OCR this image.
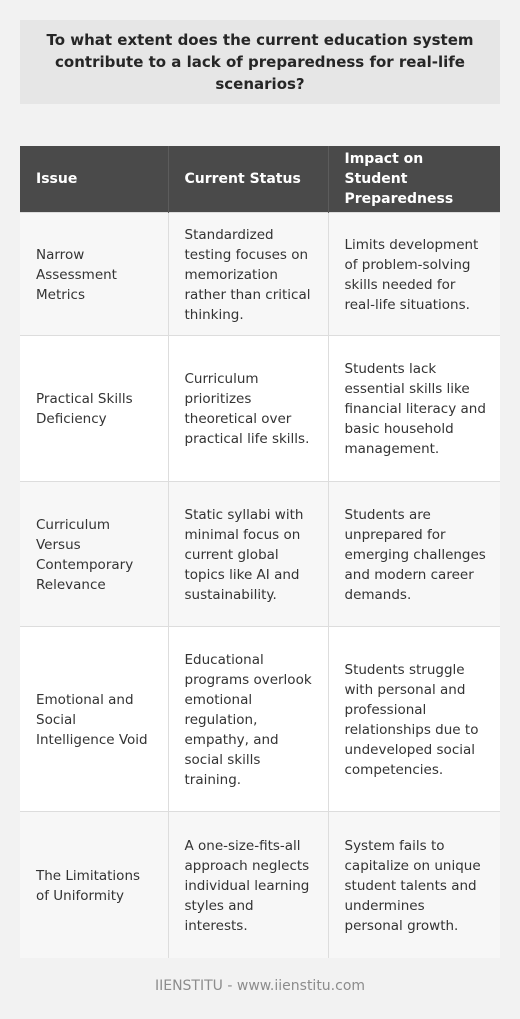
To what extent does the current education system contribute to a lack of preparedness for real-life scenarios?
Issue	Current Status	Impact on Student Preparedness
Narrow Assessment Metrics	Standardized testing focuses on memorization rather than critical thinking.	Limits development of problem-solving skills needed for real-life situations.
Practical Skills Deficiency	Curriculum prioritizes theoretical over practical life skills.	Students lack essential skills like financial literacy and basic household management.
Curriculum Versus Contemporary Relevance	Static syllabi with minimal focus on current global topics like AI and sustainability.	Students are unprepared for emerging challenges and modern career demands.
Emotional and Social Intelligence Void	Educational programs overlook emotional regulation, empathy, and social skills training.	Students struggle with personal and professional relationships due to undeveloped social competencies.
The Limitations of Uniformity	A one-size-fits-all approach neglects individual learning styles and interests.	System fails to capitalize on unique student talents and undermines personal growth.
IIENSTITU - www.iienstitu.com
